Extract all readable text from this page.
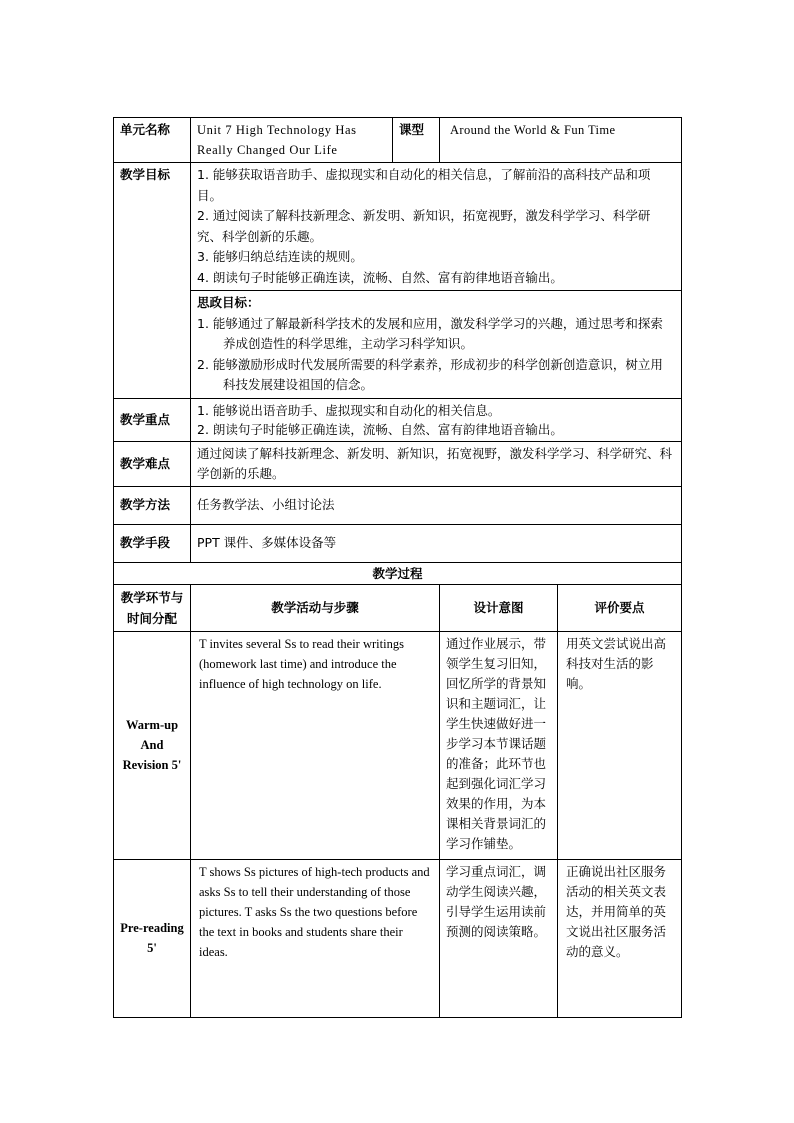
单元名称	Unit 7 High Technology Has Really Changed Our Life	课型	Around the World & Fun Time	
教学目标	1. 能够获取语音助手、虚拟现实和自动化的相关信息，了解前沿的高科技产品和项目。
2. 通过阅读了解科技新理念、新发明、新知识，拓宽视野，激发科学学习、科学研究、科学创新的乐趣。
3. 能够归纳总结连读的规则。
4. 朗读句子时能够正确连读，流畅、自然、富有韵律地语音输出。			

	思政目标：
1. 能够通过了解最新科学技术的发展和应用，激发科学学习的兴趣，通过思考和探索养成创造性的科学思维，主动学习科学知识。
2. 能够激励形成时代发展所需要的科学素养，形成初步的科学创新创造意识，树立用科技发展建设祖国的信念。			

教学重点	1. 能够说出语音助手、虚拟现实和自动化的相关信息。
2. 朗读句子时能够正确连读，流畅、自然、富有韵律地语音输出。			

教学难点	通过阅读了解科技新理念、新发明、新知识，拓宽视野，激发科学学习、科学研究、科学创新的乐趣。			
教学方法	任务教学法、小组讨论法			
教学手段	PPT 课件、多媒体设备等			
教学过程				
教学环节与时间分配	教学活动与步骤		设计意图	评价要点
Warm-up And Revision 5'	T invites several Ss to read their writings (homework last time) and introduce the influence of high technology on life.		通过作业展示，带领学生复习旧知，回忆所学的背景知识和主题词汇，让学生快速做好进一步学习本节课话题的准备；此环节也起到强化词汇学习效果的作用，为本课相关背景词汇的学习作铺垫。	用英文尝试说出高科技对生活的影响。
Pre-reading 5'	T shows Ss pictures of high-tech products and asks Ss to tell their understanding of those pictures. T asks Ss the two questions before the text in books and students share their ideas.		学习重点词汇，调动学生阅读兴趣，引导学生运用读前预测的阅读策略。	正确说出社区服务活动的相关英文表达，并用简单的英文说出社区服务活动的意义。
